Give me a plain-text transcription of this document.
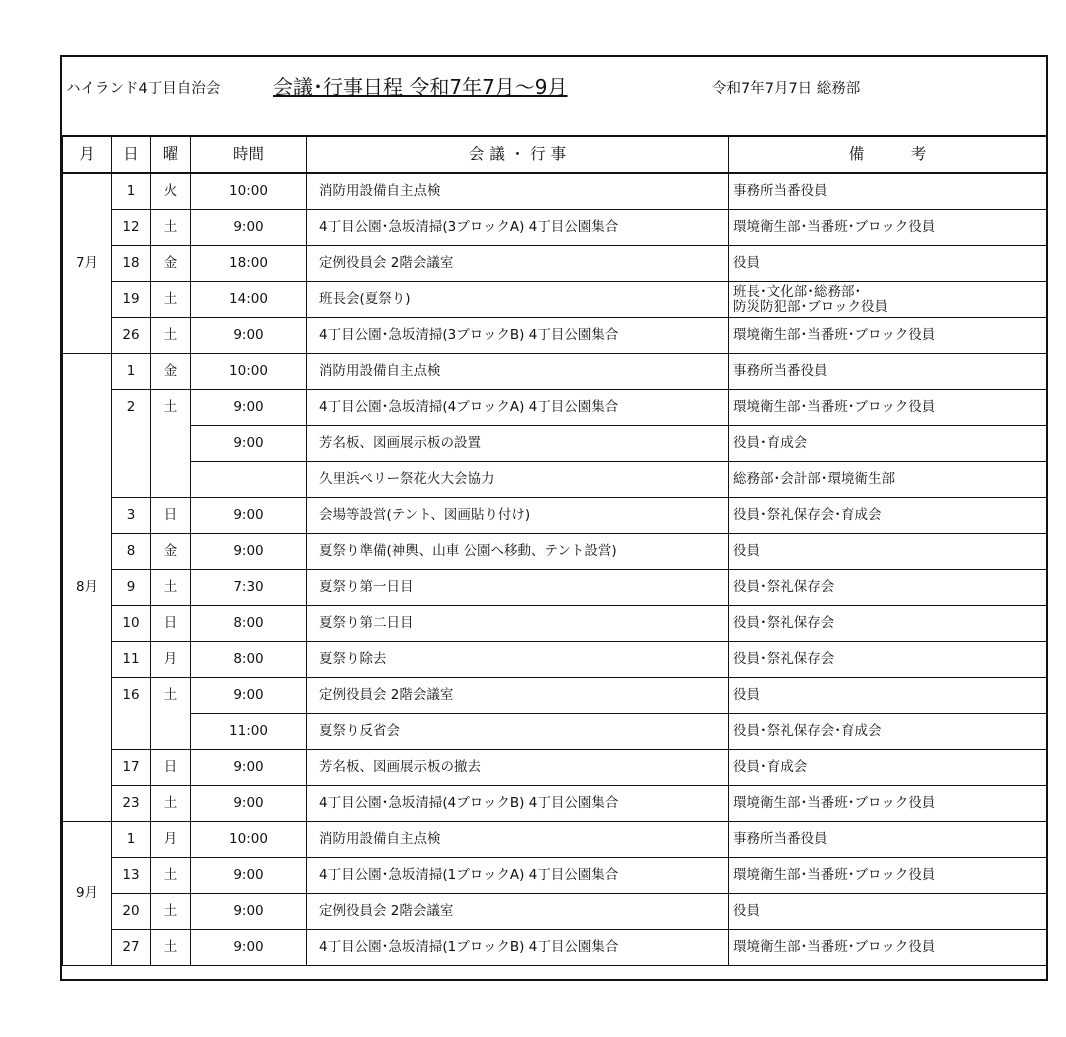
ハイランド4丁目自治会	会議･行事日程 令和7年7月～9月	令和7年7月7日 総務部
月	日	曜	時間	会 議 ・ 行 事	備　　　考
7月	1	火	10:00	消防用設備自主点検	事務所当番役員
	12	土	9:00	4丁目公園･急坂清掃(3ブロックA) 4丁目公園集合	環境衛生部･当番班･ブロック役員
	18	金	18:00	定例役員会 2階会議室	役員
	19	土	14:00	班長会(夏祭り)	班長･文化部･総務部･
防災防犯部･ブロック役員
	26	土	9:00	4丁目公園･急坂清掃(3ブロックB) 4丁目公園集合	環境衛生部･当番班･ブロック役員
8月	1	金	10:00	消防用設備自主点検	事務所当番役員
	2	土	9:00	4丁目公園･急坂清掃(4ブロックA) 4丁目公園集合	環境衛生部･当番班･ブロック役員
			9:00	芳名板、図画展示板の設置	役員･育成会
				久里浜ペリー祭花火大会協力	総務部･会計部･環境衛生部
	3	日	9:00	会場等設営(テント、図画貼り付け)	役員･祭礼保存会･育成会
	8	金	9:00	夏祭り準備(神輿、山車 公園へ移動、テント設営)	役員
	9	土	7:30	夏祭り第一日目	役員･祭礼保存会
	10	日	8:00	夏祭り第二日目	役員･祭礼保存会
	11	月	8:00	夏祭り除去	役員･祭礼保存会
	16	土	9:00	定例役員会 2階会議室	役員
			11:00	夏祭り反省会	役員･祭礼保存会･育成会
	17	日	9:00	芳名板、図画展示板の撤去	役員･育成会
	23	土	9:00	4丁目公園･急坂清掃(4ブロックB) 4丁目公園集合	環境衛生部･当番班･ブロック役員
9月	1	月	10:00	消防用設備自主点検	事務所当番役員
	13	土	9:00	4丁目公園･急坂清掃(1ブロックA) 4丁目公園集合	環境衛生部･当番班･ブロック役員
	20	土	9:00	定例役員会 2階会議室	役員
	27	土	9:00	4丁目公園･急坂清掃(1ブロックB) 4丁目公園集合	環境衛生部･当番班･ブロック役員
